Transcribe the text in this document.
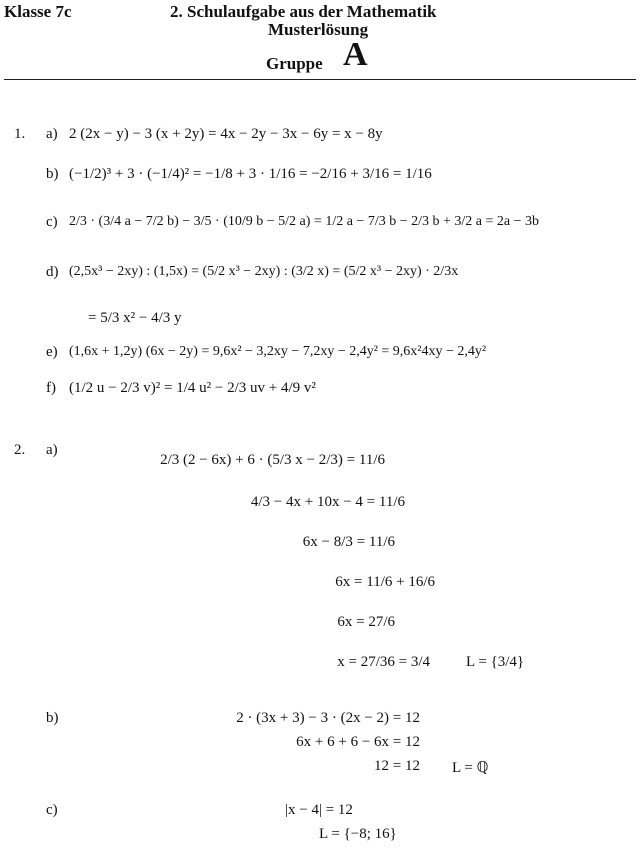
Klasse 7c	2. Schulaufgabe aus der Mathematik
Musterlösung
Gruppe A
1. a) 2 (2x − y) − 3 (x + 2y) = 4x − 2y − 3x − 6y = x − 8y
b) (−1/2)³ + 3 · (−1/4)² = −1/8 + 3 · 1/16 = −2/16 + 3/16 = 1/16
c) 2/3 · (3/4 a − 7/2 b) − 3/5 · (10/9 b − 5/2 a) = 1/2 a − 7/3 b − 2/3 b + 3/2 a = 2a − 3b
d) (2,5x³ − 2xy) : (1,5x) = (5/2 x³ − 2xy) : (3/2 x) = (5/2 x³ − 2xy) · 2/3x
= 5/3 x² − 4/3 y
e) (1,6x + 1,2y) (6x − 2y) = 9,6x² − 3,2xy − 7,2xy − 2,4y² = 9,6x²4xy − 2,4y²
f) (1/2 u − 2/3 v)² = 1/4 u² − 2/3 uv + 4/9 v²
2. a)
2/3 (2 − 6x) + 6 · (5/3 x − 2/3) = 11/6
4/3 − 4x + 10x − 4 = 11/6
6x − 8/3 = 11/6
6x = 11/6 + 16/6
6x = 27/6
x = 27/36 = 3/4 L = {3/4}
b)	2 · (3x + 3) − 3 · (2x − 2) = 12
6x + 6 + 6 − 6x = 12
12 = 12 L = ℚ
c)	|x − 4| = 12
L = {−8; 16}
